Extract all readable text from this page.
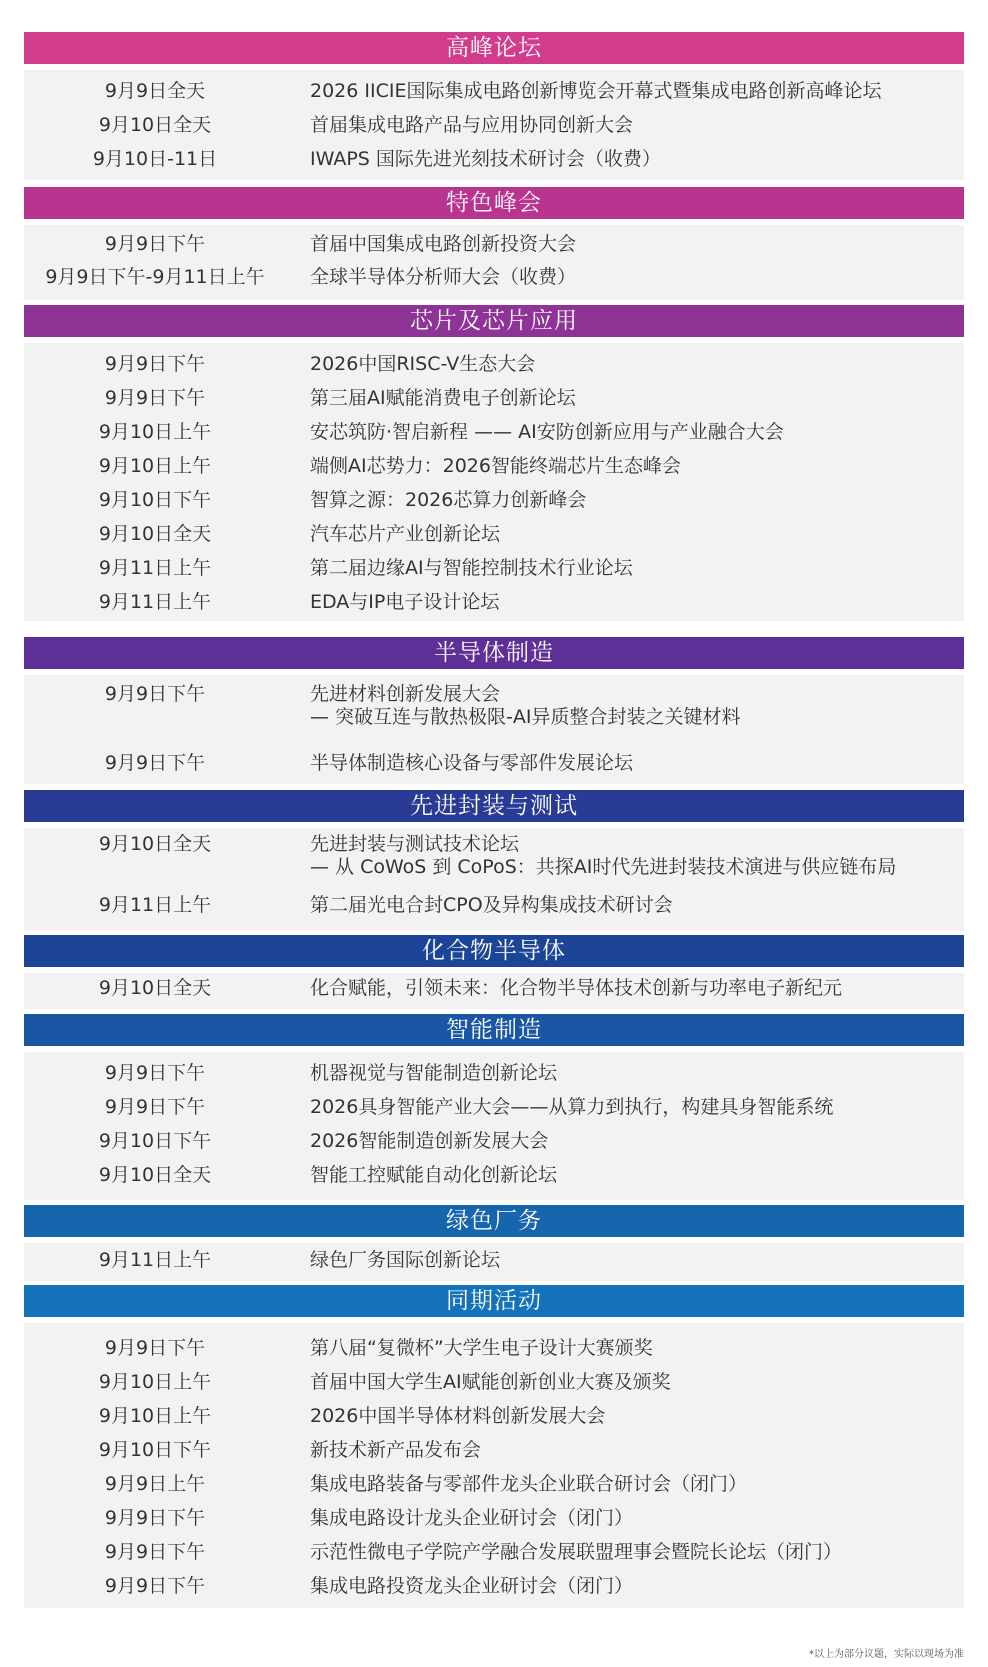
高峰论坛
9月9日全天	2026 IICIE国际集成电路创新博览会开幕式暨集成电路创新高峰论坛
9月10日全天	首届集成电路产品与应用协同创新大会
9月10日-11日	IWAPS 国际先进光刻技术研讨会（收费）
特色峰会
9月9日下午	首届中国集成电路创新投资大会
9月9日下午-9月11日上午	全球半导体分析师大会（收费）
芯片及芯片应用
9月9日下午	2026中国RISC-V生态大会
9月9日下午	第三届AI赋能消费电子创新论坛
9月10日上午	安芯筑防·智启新程 —— AI安防创新应用与产业融合大会
9月10日上午	端侧AI芯势力：2026智能终端芯片生态峰会
9月10日下午	智算之源：2026芯算力创新峰会
9月10日全天	汽车芯片产业创新论坛
9月11日上午	第二届边缘AI与智能控制技术行业论坛
9月11日上午	EDA与IP电子设计论坛
半导体制造
9月9日下午	先进材料创新发展大会
— 突破互连与散热极限-AI异质整合封装之关键材料
9月9日下午	半导体制造核心设备与零部件发展论坛
先进封装与测试
9月10日全天	先进封装与测试技术论坛
— 从 CoWoS 到 CoPoS：共探AI时代先进封装技术演进与供应链布局
9月11日上午	第二届光电合封CPO及异构集成技术研讨会
化合物半导体
9月10日全天	化合赋能，引领未来：化合物半导体技术创新与功率电子新纪元
智能制造
9月9日下午	机器视觉与智能制造创新论坛
9月9日下午	2026具身智能产业大会——从算力到执行，构建具身智能系统
9月10日下午	2026智能制造创新发展大会
9月10日全天	智能工控赋能自动化创新论坛
绿色厂务
9月11日上午	绿色厂务国际创新论坛
同期活动
9月9日下午	第八届“复微杯”大学生电子设计大赛颁奖
9月10日上午	首届中国大学生AI赋能创新创业大赛及颁奖
9月10日上午	2026中国半导体材料创新发展大会
9月10日下午	新技术新产品发布会
9月9日上午	集成电路装备与零部件龙头企业联合研讨会（闭门）
9月9日下午	集成电路设计龙头企业研讨会（闭门）
9月9日下午	示范性微电子学院产学融合发展联盟理事会暨院长论坛（闭门）
9月9日下午	集成电路投资龙头企业研讨会（闭门）
*以上为部分议题，实际以现场为准
